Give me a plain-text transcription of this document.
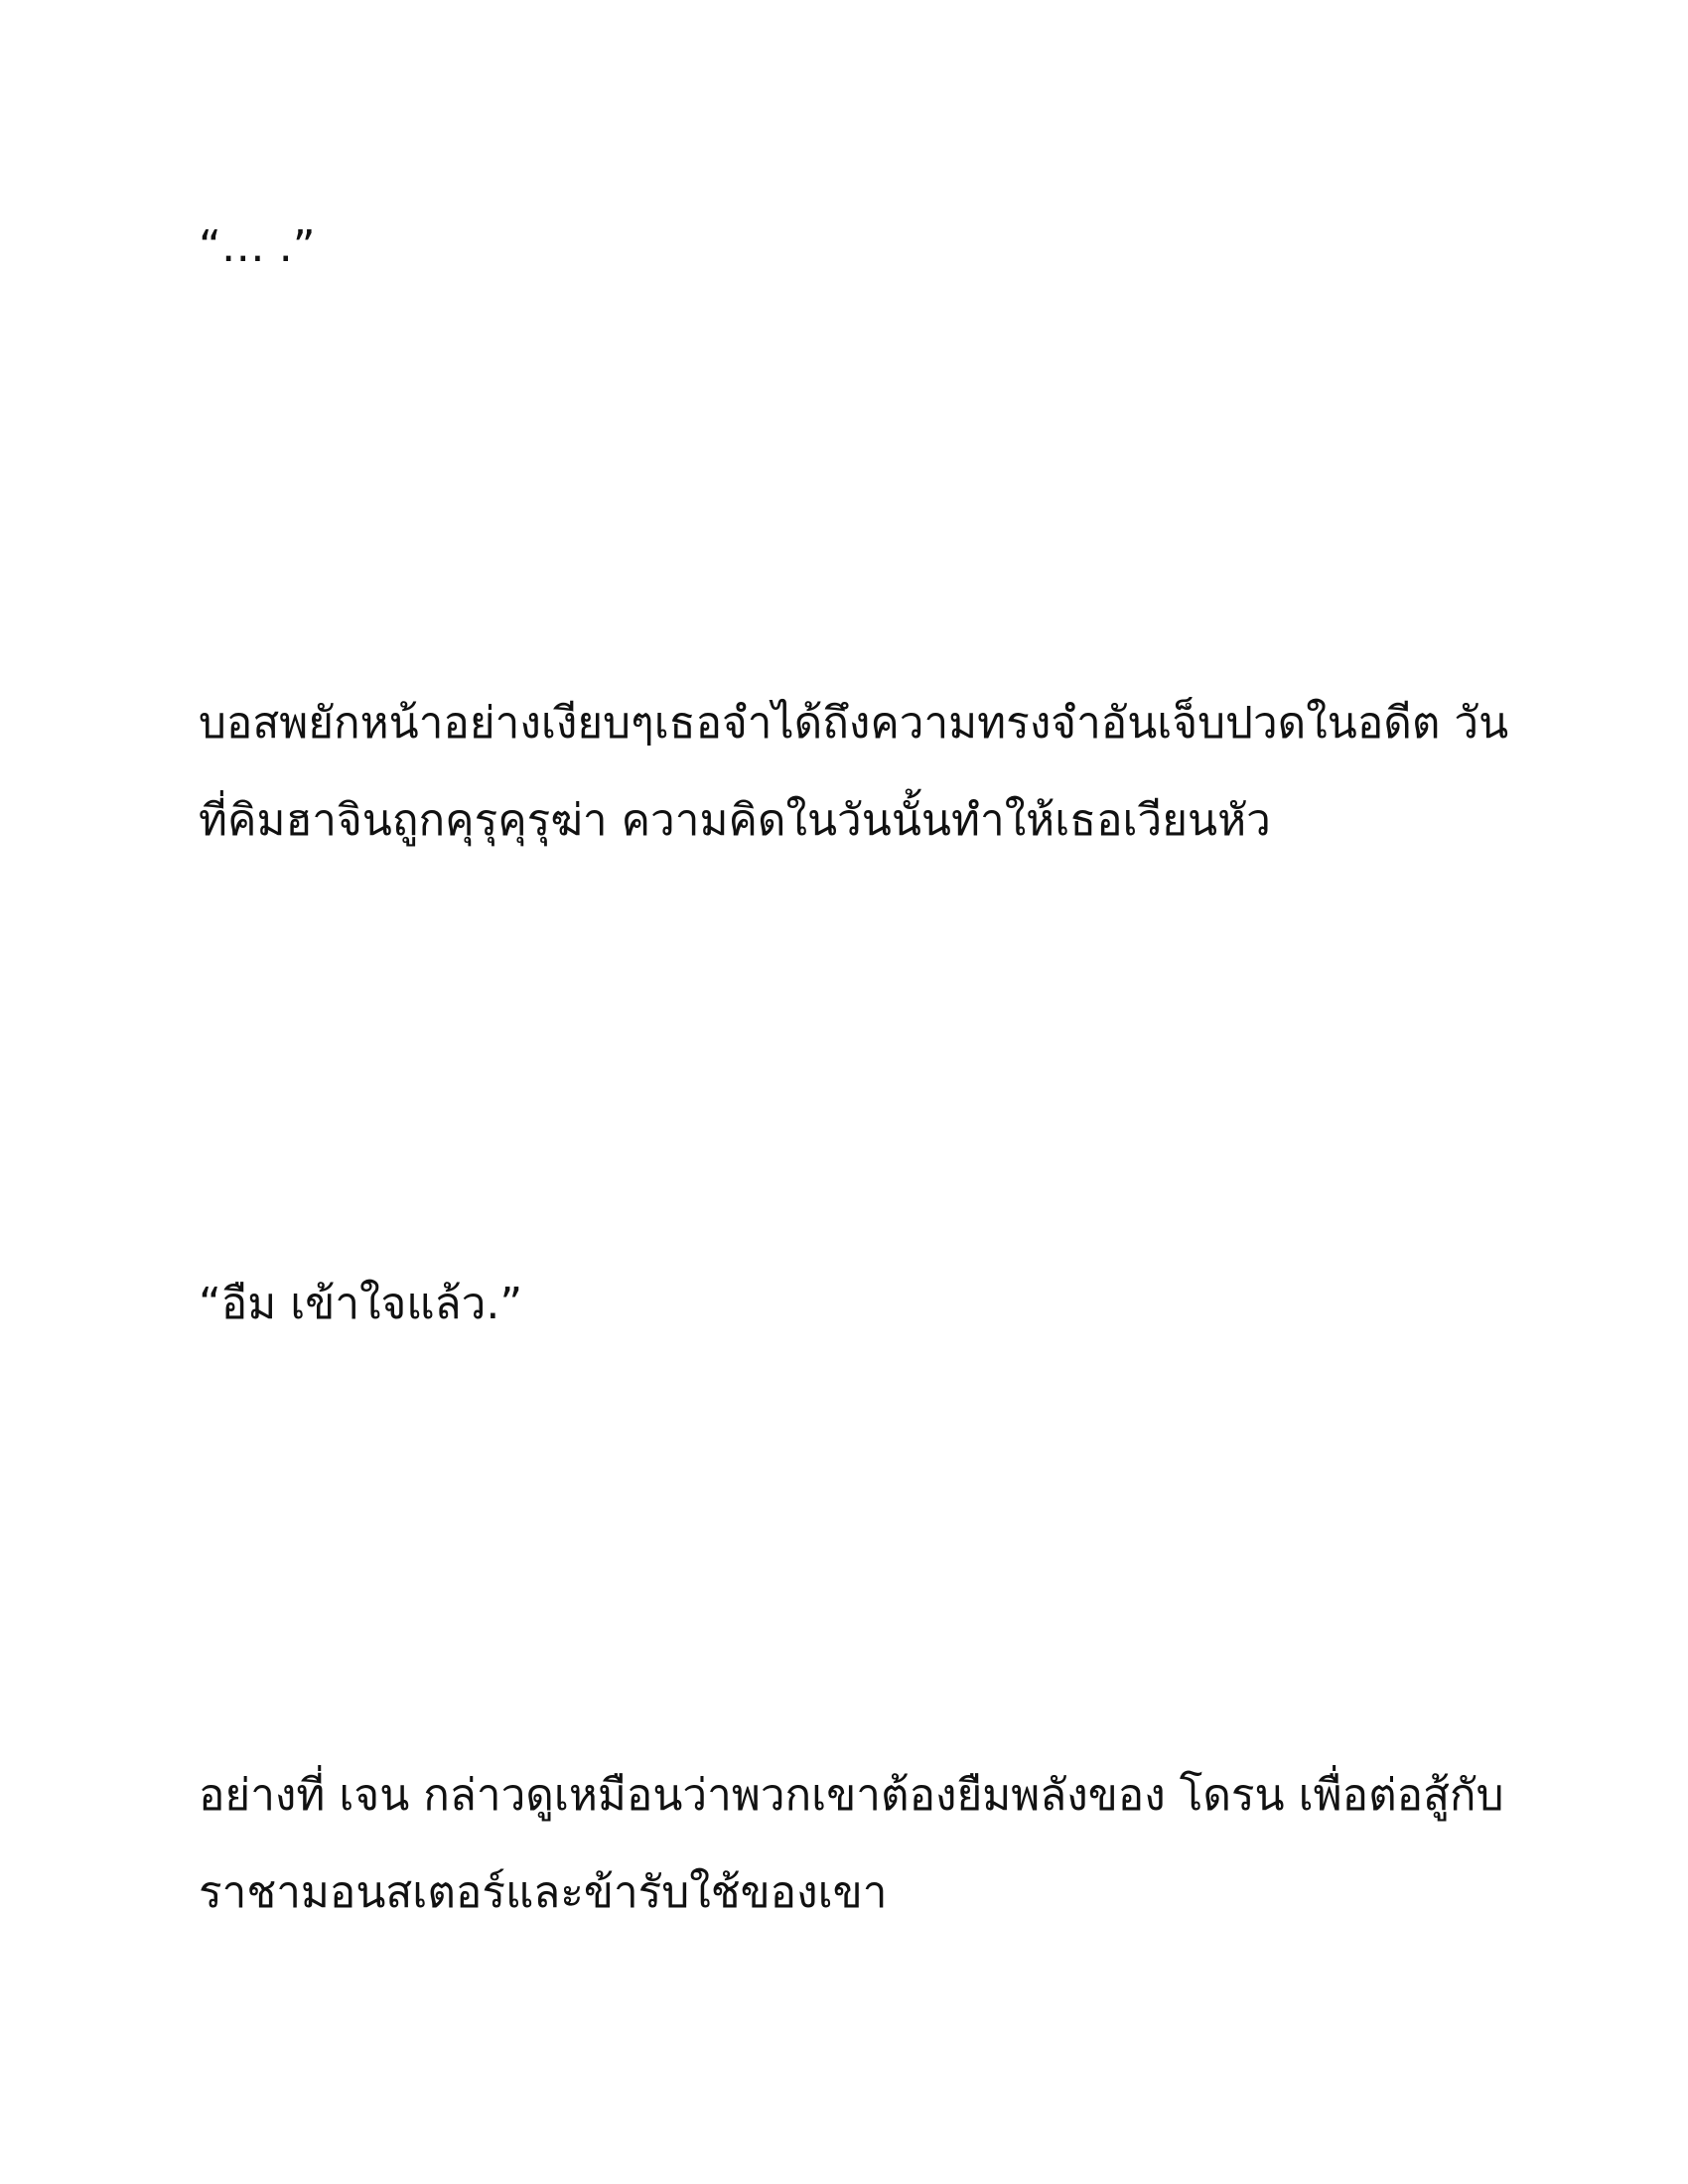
“… .”

บอสพยักหน้าอย่างเงียบๆเธอจำได้ถึงความทรงจำอันเจ็บปวดในอดีต วัน
ที่คิมฮาจินถูกคุรุคุรุฆ่า ความคิดในวันนั้นทำให้เธอเวียนหัว

“อืม เข้าใจแล้ว.”

อย่างที่ เจน กล่าวดูเหมือนว่าพวกเขาต้องยืมพลังของ โดรน เพื่อต่อสู้กับ
ราชามอนสเตอร์และข้ารับใช้ของเขา
